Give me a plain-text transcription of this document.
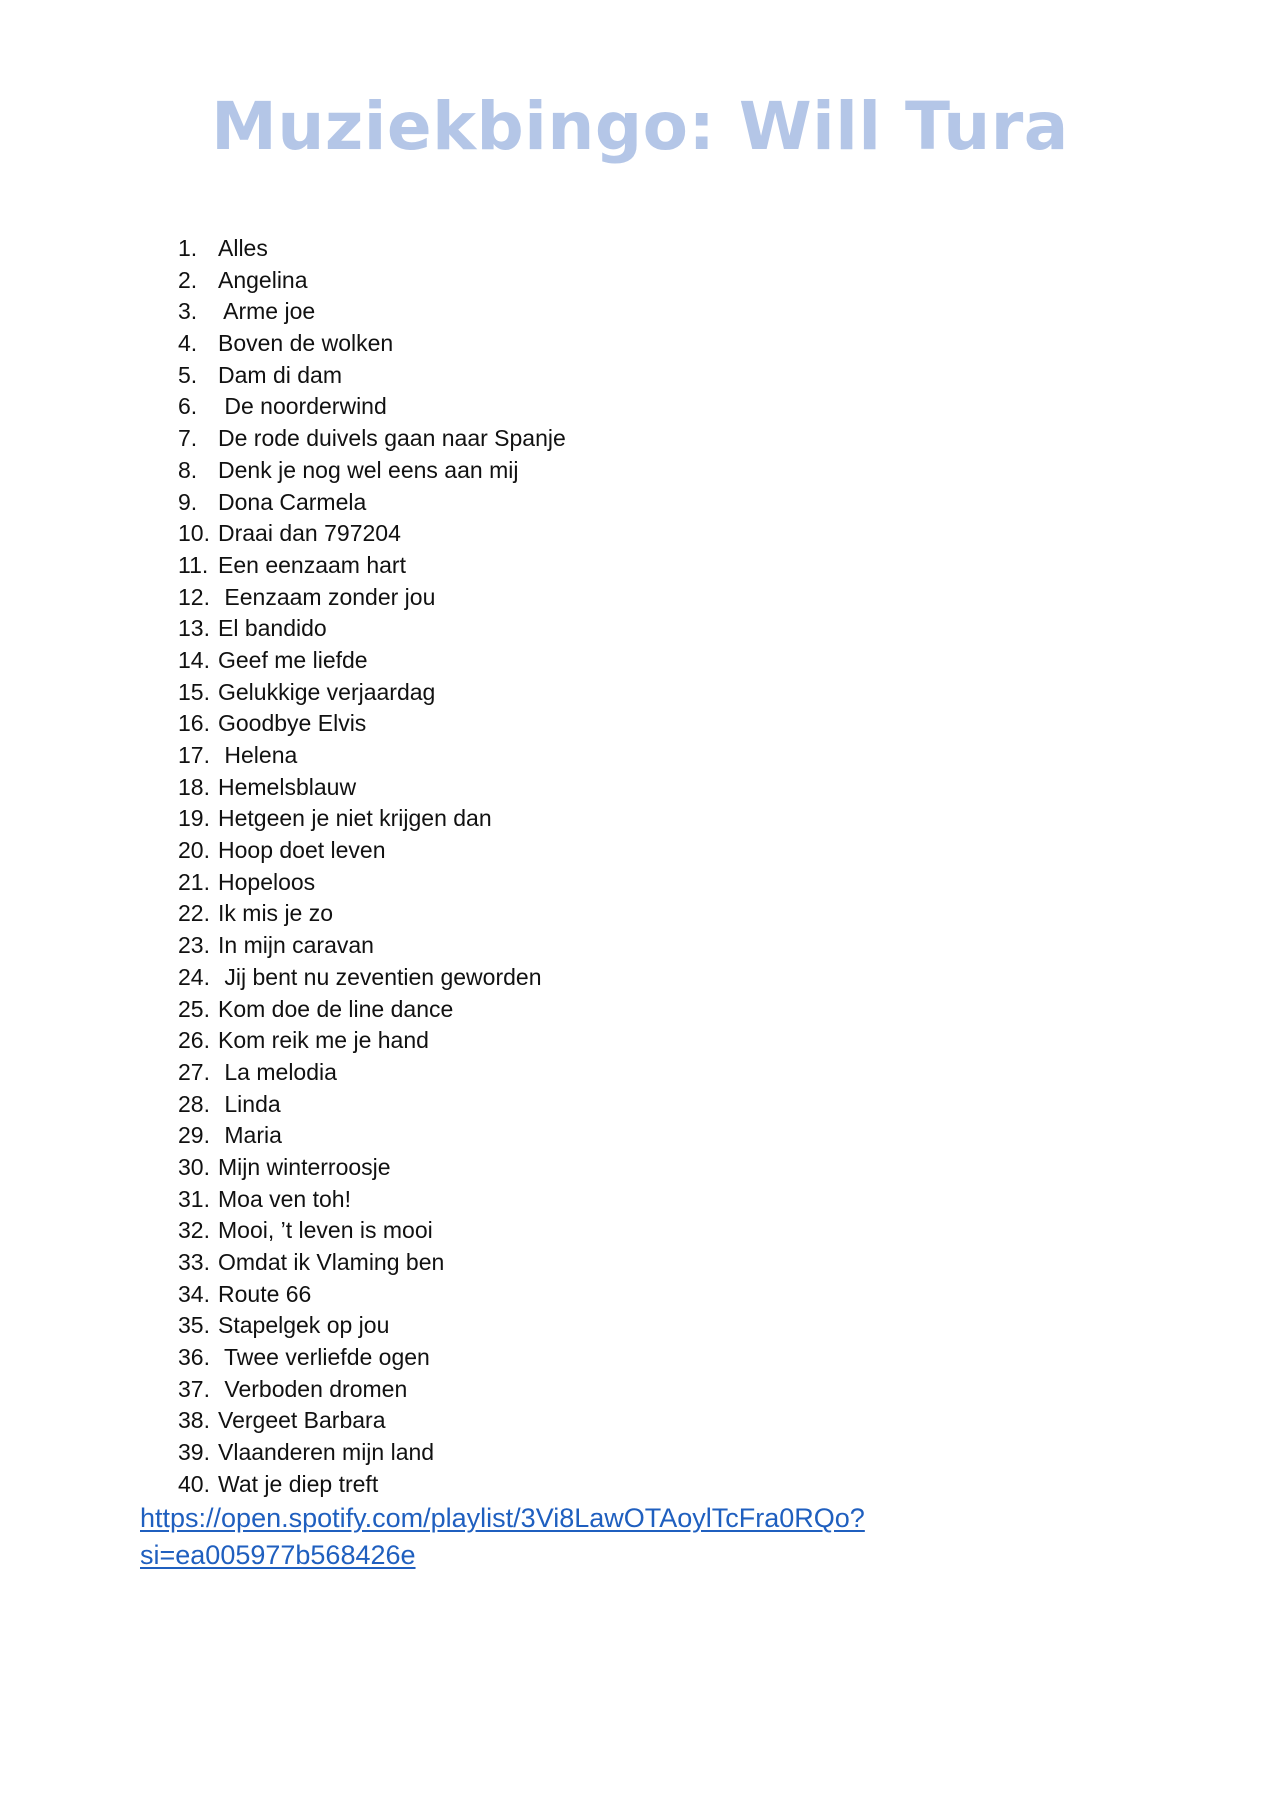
Muziekbingo: Will Tura
1. Alles
2. Angelina
3. Arme joe
4. Boven de wolken
5. Dam di dam
6. De noorderwind
7. De rode duivels gaan naar Spanje
8. Denk je nog wel eens aan mij
9. Dona Carmela
10. Draai dan 797204
11. Een eenzaam hart
12. Eenzaam zonder jou
13. El bandido
14. Geef me liefde
15. Gelukkige verjaardag
16. Goodbye Elvis
17. Helena
18. Hemelsblauw
19. Hetgeen je niet krijgen dan
20. Hoop doet leven
21. Hopeloos
22. Ik mis je zo
23. In mijn caravan
24. Jij bent nu zeventien geworden
25. Kom doe de line dance
26. Kom reik me je hand
27. La melodia
28. Linda
29. Maria
30. Mijn winterroosje
31. Moa ven toh!
32. Mooi, ’t leven is mooi
33. Omdat ik Vlaming ben
34. Route 66
35. Stapelgek op jou
36. Twee verliefde ogen
37. Verboden dromen
38. Vergeet Barbara
39. Vlaanderen mijn land
40. Wat je diep treft
https://open.spotify.com/playlist/3Vi8LawOTAoylTcFra0RQo?
si=ea005977b568426e
